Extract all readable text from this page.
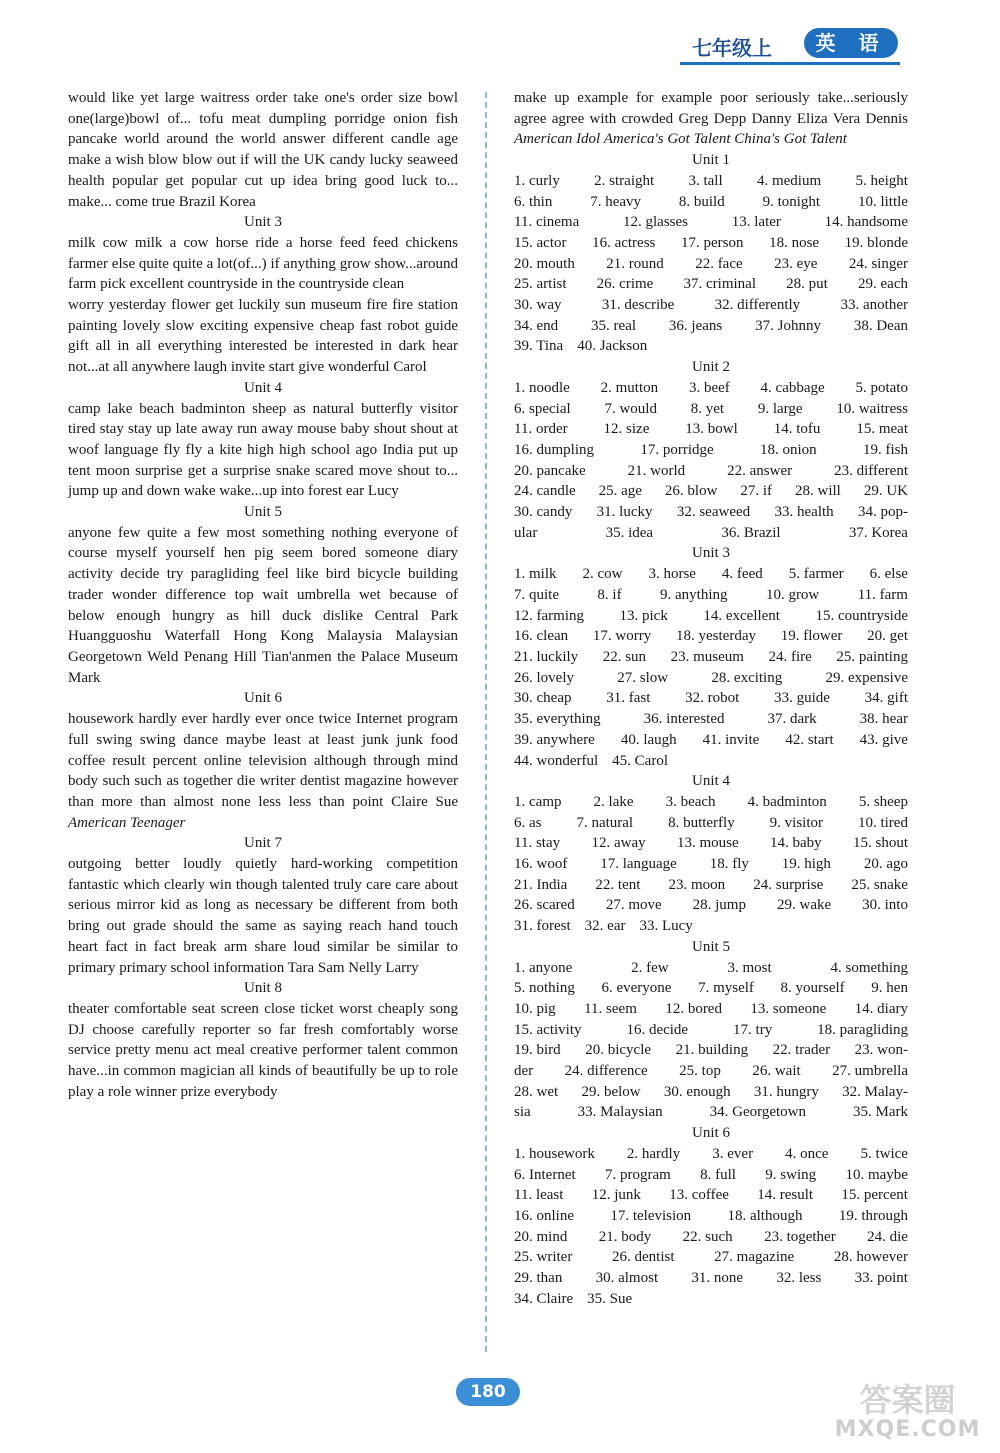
七年级上	英 语

would like yet large waitress order take one's order size bowl one(large)bowl of... tofu meat dumpling porridge onion fish pancake world around the world answer different candle age make a wish blow blow out if will the UK candy lucky seaweed health popular get popular cut up idea bring good luck to... make... come true Brazil Korea

Unit 3

milk cow milk a cow horse ride a horse feed feed chickens farmer else quite quite a lot(of...) if anything grow show...around farm pick excellent countryside in the countryside clean

worry yesterday flower get luckily sun museum fire fire station painting lovely slow exciting expensive cheap fast robot guide gift all in all everything interested be interested in dark hear not...at all anywhere laugh invite start give wonderful Carol

Unit 4

camp lake beach badminton sheep as natural butterfly visitor tired stay stay up late away run away mouse baby shout shout at woof language fly fly a kite high high school ago India put up tent moon surprise get a surprise snake scared move shout to... jump up and down wake wake...up into forest ear Lucy

Unit 5

anyone few quite a few most something nothing everyone of course myself yourself hen pig seem bored someone diary activity decide try paragliding feel like bird bicycle building trader wonder difference top wait umbrella wet because of below enough hungry as hill duck dislike Central Park Huangguoshu Waterfall Hong Kong Malaysia Malaysian Georgetown Weld Penang Hill Tian'anmen the Palace Museum Mark

Unit 6

housework hardly ever hardly ever once twice Internet program full swing swing dance maybe least at least junk junk food coffee result percent online television although through mind body such such as together die writer dentist magazine however than more than almost none less less than point Claire Sue American Teenager

Unit 7

outgoing better loudly quietly hard-working competition fantastic which clearly win though talented truly care care about serious mirror kid as long as necessary be different from both bring out grade should the same as saying reach hand touch heart fact in fact break arm share loud similar be similar to primary primary school information Tara Sam Nelly Larry

Unit 8

theater comfortable seat screen close ticket worst cheaply song DJ choose carefully reporter so far fresh comfortably worse service pretty menu act meal creative performer talent common have...in common magician all kinds of beautifully be up to role play a role winner prize everybody

make up example for example poor seriously take...seriously agree agree with crowded Greg Depp Danny Eliza Vera Dennis American Idol America's Got Talent China's Got Talent

Unit 1

1. curly 2. straight 3. tall 4. medium 5. height
6. thin	7. heavy	8. build	9. tonight	10. little
11. cinema	12. glasses	13. later	14. handsome
15. actor 16. actress 17. person 18. nose 19. blonde
20. mouth 21. round 22. face 23. eye 24. singer
25. artist 26. crime 37. criminal 28. put 29. each
30. way	31. describe	32. differently	33. another
34. end 35. real 36. jeans 37. Johnny 38. Dean
39. Tina 40. Jackson

Unit 2

1. noodle 2. mutton 3. beef 4. cabbage 5. potato
6. special 7. would 8. yet 9. large 10. waitress
11. order 12. size 13. bowl 14. tofu 15. meat
16. dumpling	17. porridge	18. onion	19. fish
20. pancake	21. world	22. answer	23. different
24. candle 25. age 26. blow 27. if 28. will 29. UK
30. candy 31. lucky 32. seaweed 33. health 34. pop-
ular	35. idea	36. Brazil	37. Korea

Unit 3

1. milk 2. cow 3. horse 4. feed 5. farmer 6. else
7. quite	8. if	9. anything	10. grow	11. farm
12. farming 13. pick 14. excellent 15. countryside
16. clean 17. worry 18. yesterday 19. flower 20. get
21. luckily 22. sun 23. museum 24. fire 25. painting
26. lovely	27. slow	28. exciting	29. expensive
30. cheap 31. fast 32. robot 33. guide 34. gift
35. everything	36. interested	37. dark	38. hear
39. anywhere 40. laugh 41. invite 42. start 43. give
44. wonderful 45. Carol

Unit 4

1. camp 2. lake 3. beach 4. badminton 5. sheep
6. as 7. natural 8. butterfly 9. visitor 10. tired
11. stay 12. away 13. mouse 14. baby 15. shout
16. woof 17. language 18. fly 19. high 20. ago
21. India 22. tent 23. moon 24. surprise 25. snake
26. scared 27. move 28. jump 29. wake 30. into
31. forest 32. ear 33. Lucy

Unit 5

1. anyone	2. few	3. most	4. something
5. nothing 6. everyone 7. myself 8. yourself 9. hen
10. pig 11. seem 12. bored 13. someone 14. diary
15. activity	16. decide	17. try	18. paragliding
19. bird 20. bicycle 21. building 22. trader 23. won-
der 24. difference 25. top 26. wait 27. umbrella
28. wet 29. below 30. enough 31. hungry 32. Malay-
sia	33. Malaysian	34. Georgetown	35. Mark

Unit 6

1. housework 2. hardly 3. ever 4. once 5. twice
6. Internet 7. program 8. full 9. swing 10. maybe
11. least 12. junk 13. coffee 14. result 15. percent
16. online 17. television 18. although 19. through
20. mind 21. body 22. such 23. together 24. die
25. writer	26. dentist	27. magazine	28. however
29. than 30. almost 31. none 32. less 33. point
34. Claire 35. Sue
180	答案圈
MXQE.COM
